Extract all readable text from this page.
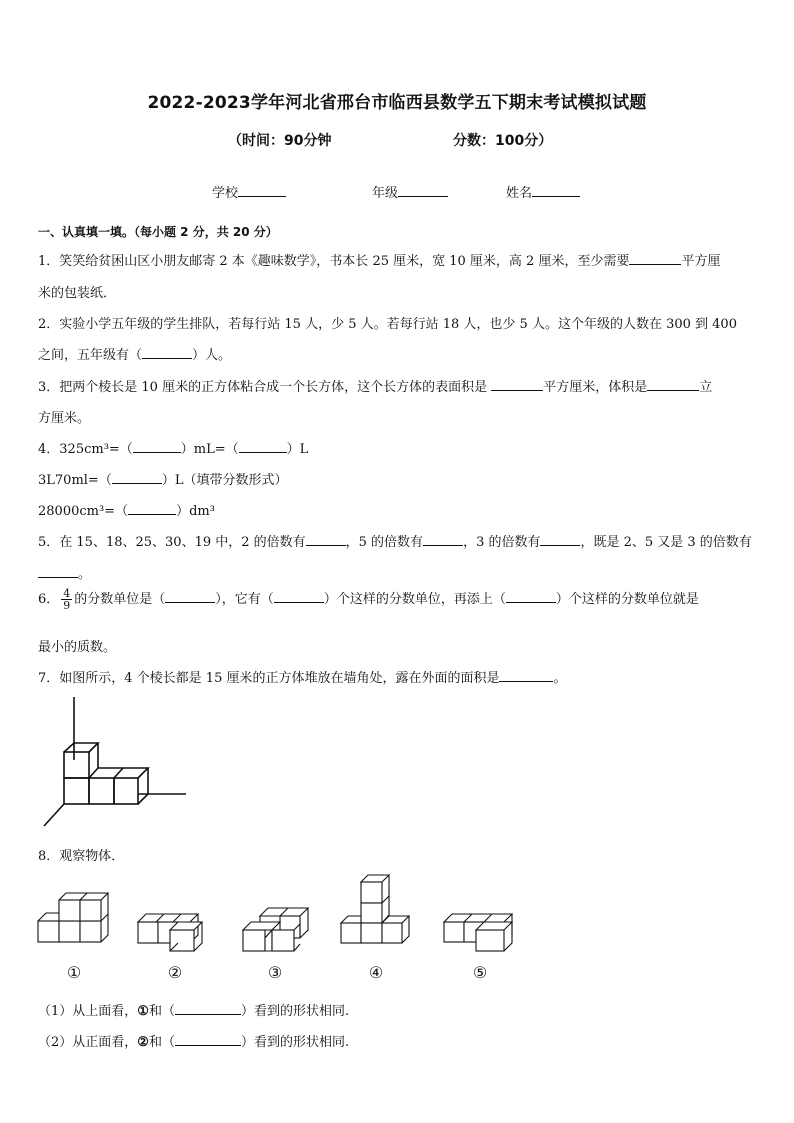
2022-2023学年河北省邢台市临西县数学五下期末考试模拟试题
（时间：90分钟	分数：100分）
学校	年级	姓名
一、认真填一填。（每小题 2 分，共 20 分）
1．笑笑给贫困山区小朋友邮寄 2 本《趣味数学》，书本长 25 厘米，宽 10 厘米，高 2 厘米，至少需要	平方厘
米的包装纸．
2．实验小学五年级的学生排队，若每行站 15 人，少 5 人。若每行站 18 人，也少 5 人。这个年级的人数在 300 到 400
之间，五年级有（	）人。
3．把两个棱长是 10 厘米的正方体粘合成一个长方体，这个长方体的表面积是	平方厘米，体积是	立
方厘米。
4．325cm³=（	）mL=（	）L
3L70ml=（	）L（填带分数形式）
28000cm³=（	）dm³
5．在 15、18、25、30、19 中，2 的倍数有	，5 的倍数有	，3 的倍数有	，既是 2、5 又是 3 的倍数有
。
6． $\frac{4}{9}$ 的分数单位是（	），它有（	）个这样的分数单位，再添上（	）个这样的分数单位就是
最小的质数。
7．如图所示，4 个棱长都是 15 厘米的正方体堆放在墙角处，露在外面的面积是	。
8．观察物体．
①	②	③	④	⑤
（1）从上面看，①和（	）看到的形状相同.
（2）从正面看，②和（	）看到的形状相同.
